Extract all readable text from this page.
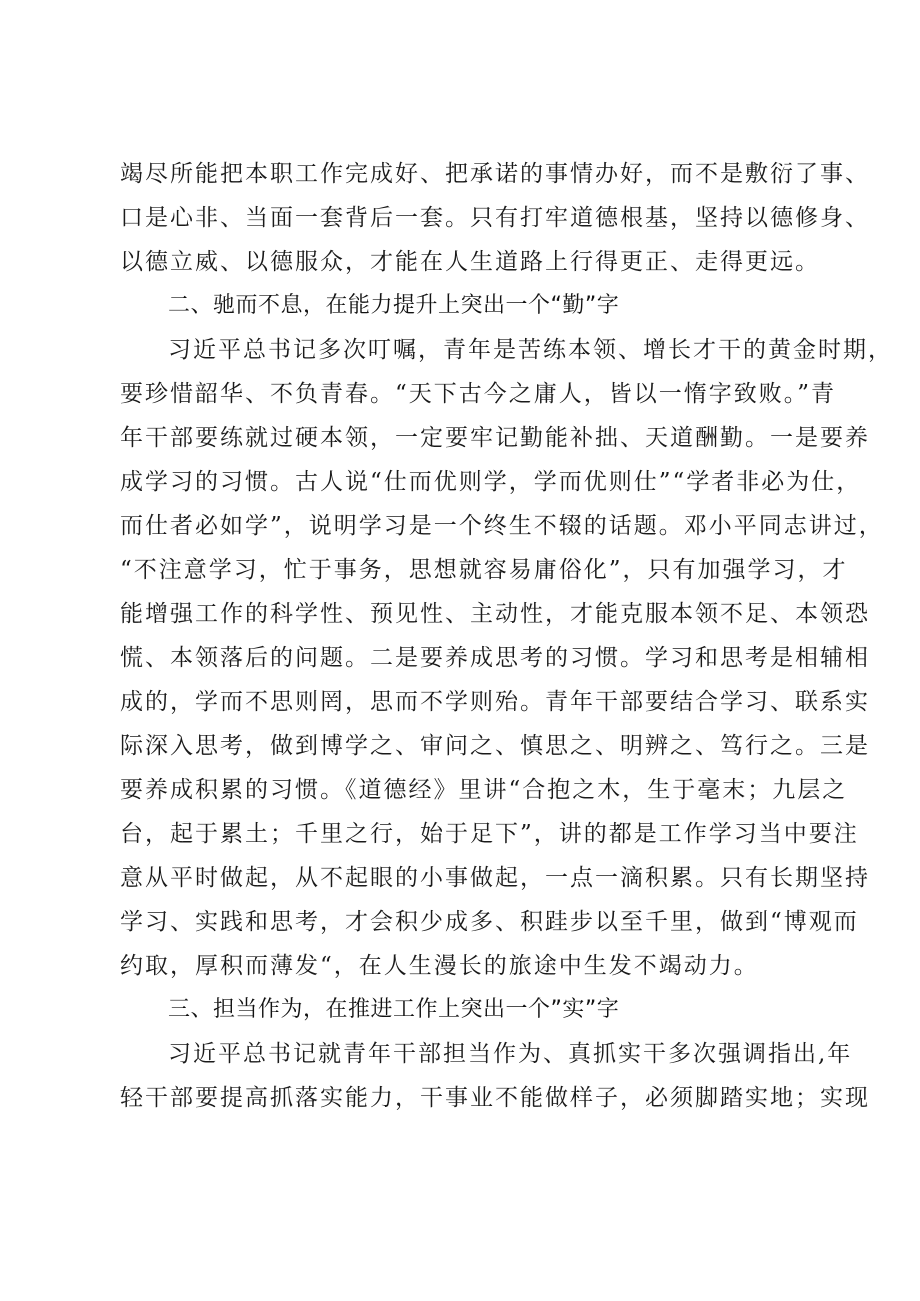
竭尽所能把本职工作完成好、把承诺的事情办好，而不是敷衍了事、
口是心非、当面一套背后一套。只有打牢道德根基，坚持以德修身、
以德立威、以德服众，才能在人生道路上行得更正、走得更远。
二、驰而不息，在能力提升上突出一个“勤”字
习近平总书记多次叮嘱，青年是苦练本领、增长才干的黄金时期，
要珍惜韶华、不负青春。“天下古今之庸人，皆以一惰字致败。”青
年干部要练就过硬本领，一定要牢记勤能补拙、天道酬勤。一是要养
成学习的习惯。古人说“仕而优则学，学而优则仕”“学者非必为仕，
而仕者必如学”，说明学习是一个终生不辍的话题。邓小平同志讲过，
“不注意学习，忙于事务，思想就容易庸俗化”，只有加强学习，才
能增强工作的科学性、预见性、主动性，才能克服本领不足、本领恐
慌、本领落后的问题。二是要养成思考的习惯。学习和思考是相辅相
成的，学而不思则罔，思而不学则殆。青年干部要结合学习、联系实
际深入思考，做到博学之、审问之、慎思之、明辨之、笃行之。三是
要养成积累的习惯。《道德经》里讲“合抱之木，生于毫末；九层之
台，起于累土；千里之行，始于足下”，讲的都是工作学习当中要注
意从平时做起，从不起眼的小事做起，一点一滴积累。只有长期坚持
学习、实践和思考，才会积少成多、积跬步以至千里，做到“博观而
约取，厚积而薄发“，在人生漫长的旅途中生发不竭动力。
三、担当作为，在推进工作上突出一个”实”字
习近平总书记就青年干部担当作为、真抓实干多次强调指出,年
轻干部要提高抓落实能力，干事业不能做样子，必须脚踏实地；实现
